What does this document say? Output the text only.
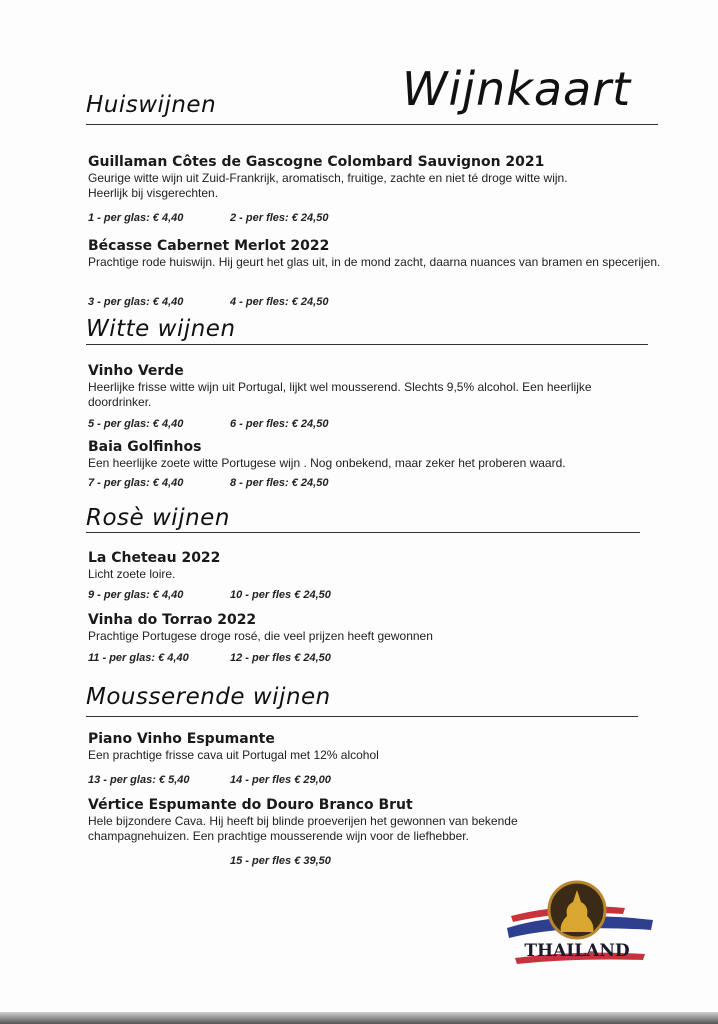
Wijnkaart
Huiswijnen
Witte wijnen
Rosè wijnen
Mousserende wijnen
Guillaman Côtes de Gascogne Colombard Sauvignon 2021
Geurige witte wijn uit Zuid-Frankrijk, aromatisch, fruitige, zachte en niet té droge witte wijn. Heerlijk bij visgerechten.
1 - per glas: € 4,40	2 - per fles: € 24,50
Bécasse Cabernet Merlot 2022
Prachtige rode huiswijn. Hij geurt het glas uit, in de mond zacht, daarna nuances van bramen en specerijen.
3 - per glas: € 4,40	4 - per fles: € 24,50
Vinho Verde
Heerlijke frisse witte wijn uit Portugal, lijkt wel mousserend. Slechts 9,5% alcohol. Een heerlijke doordrinker.
5 - per glas: € 4,40	6 - per fles: € 24,50
Baia Golfinhos
Een heerlijke zoete witte Portugese wijn . Nog onbekend, maar zeker het proberen waard.
7 - per glas: € 4,40	8 - per fles: € 24,50
La Cheteau 2022
Licht zoete loire.
9 - per glas: € 4,40	10 - per fles € 24,50
Vinha do Torrao 2022
Prachtige Portugese droge rosé, die veel prijzen heeft gewonnen
11 - per glas: € 4,40	12 - per fles € 24,50
Piano Vinho Espumante
Een prachtige frisse cava uit Portugal met 12% alcohol
13 - per glas: € 5,40	14 - per fles € 29,00
Vértice Espumante do Douro Branco Brut
Hele bijzondere Cava. Hij heeft bij blinde proeverijen het gewonnen van bekende champagnehuizen. Een prachtige mousserende wijn voor de liefhebber.
15 - per fles € 39,50
THAILAND
